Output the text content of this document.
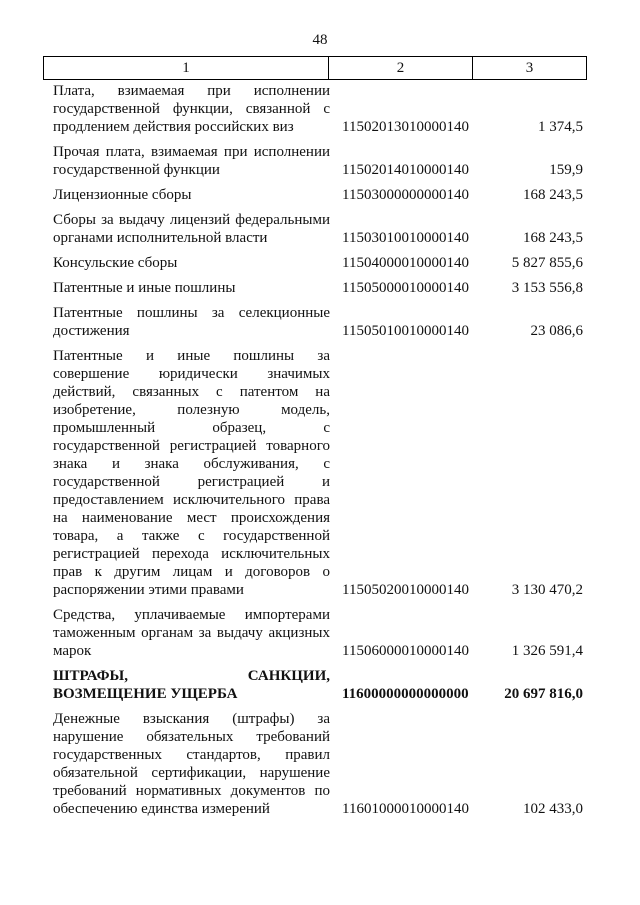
48
1	2	3
Плата, взимаемая при исполнении государственной функции, связанной с продлением действия российских виз	11502013010000140	1 374,5
Прочая плата, взимаемая при исполнении государственной функции	11502014010000140	159,9
Лицензионные сборы	11503000000000140	168 243,5
Сборы за выдачу лицензий федеральными органами исполнительной власти	11503010010000140	168 243,5
Консульские сборы	11504000010000140	5 827 855,6
Патентные и иные пошлины	11505000010000140	3 153 556,8
Патентные пошлины за селекционные достижения	11505010010000140	23 086,6
Патентные и иные пошлины за совершение юридически значимых действий, связанных с патентом на изобретение, полезную модель, промышленный образец, с государственной регистрацией товарного знака и знака обслуживания, с государственной регистрацией и предоставлением исключительного права на наименование мест происхождения товара, а также с государственной регистрацией перехода исключительных прав к другим лицам и договоров о распоряжении этими правами	11505020010000140	3 130 470,2
Средства, уплачиваемые импортерами таможенным органам за выдачу акцизных марок	11506000010000140	1 326 591,4
ШТРАФЫ, САНКЦИИ, ВОЗМЕЩЕНИЕ УЩЕРБА	11600000000000000	20 697 816,0
Денежные взыскания (штрафы) за нарушение обязательных требований государственных стандартов, правил обязательной сертификации, нарушение требований нормативных документов по обеспечению единства измерений	11601000010000140	102 433,0
